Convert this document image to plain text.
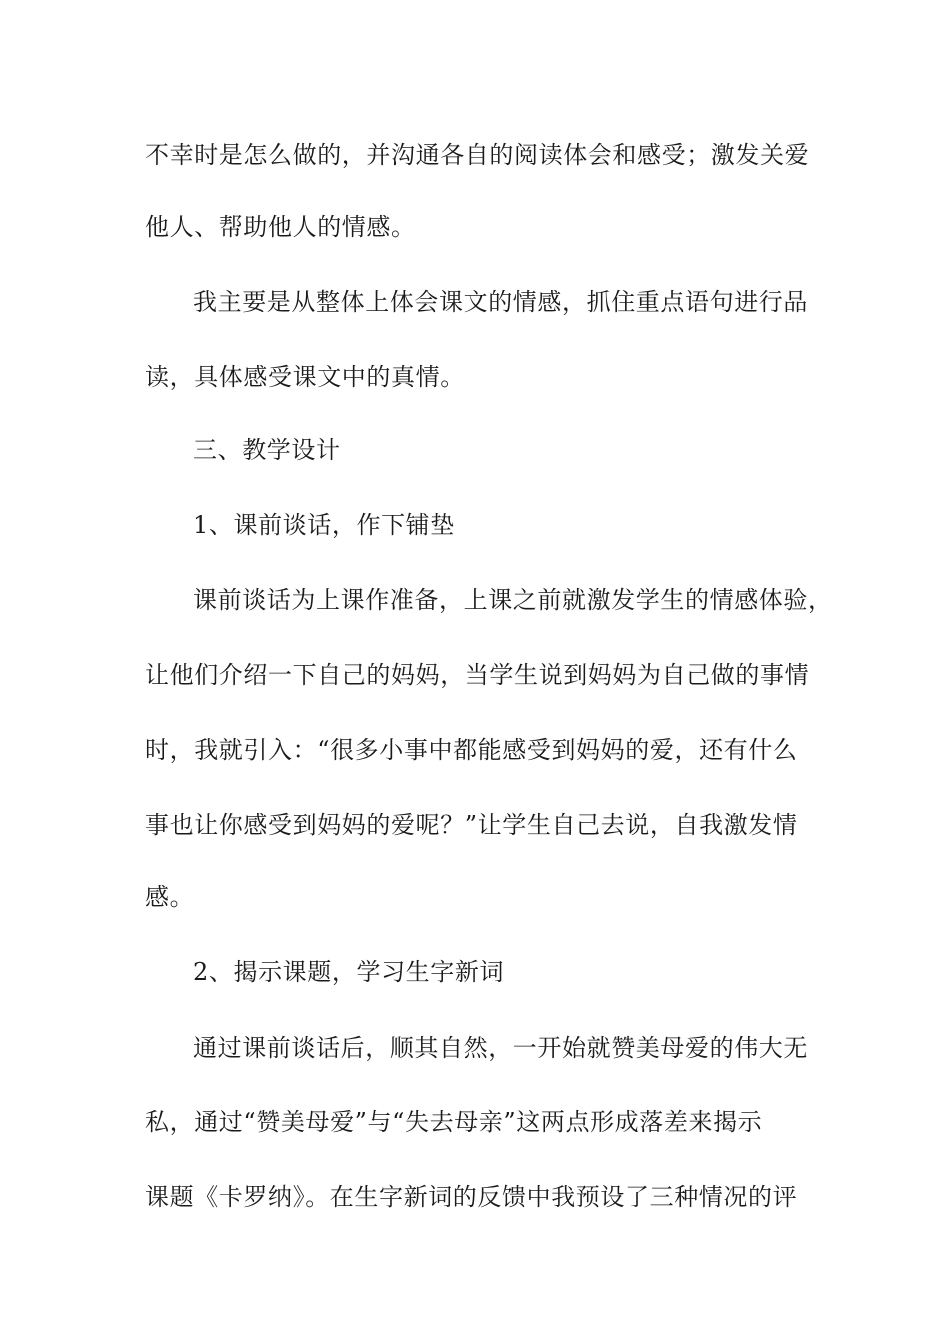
不幸时是怎么做的，并沟通各自的阅读体会和感受；激发关爱
他人、帮助他人的情感。
我主要是从整体上体会课文的情感，抓住重点语句进行品
读，具体感受课文中的真情。
三、教学设计
1、课前谈话，作下铺垫
课前谈话为上课作准备，上课之前就激发学生的情感体验，
让他们介绍一下自己的妈妈，当学生说到妈妈为自己做的事情
时，我就引入：“很多小事中都能感受到妈妈的爱，还有什么
事也让你感受到妈妈的爱呢？”让学生自己去说，自我激发情
感。
2、揭示课题，学习生字新词
通过课前谈话后，顺其自然，一开始就赞美母爱的伟大无
私，通过“赞美母爱”与“失去母亲”这两点形成落差来揭示
课题《卡罗纳》。在生字新词的反馈中我预设了三种情况的评
